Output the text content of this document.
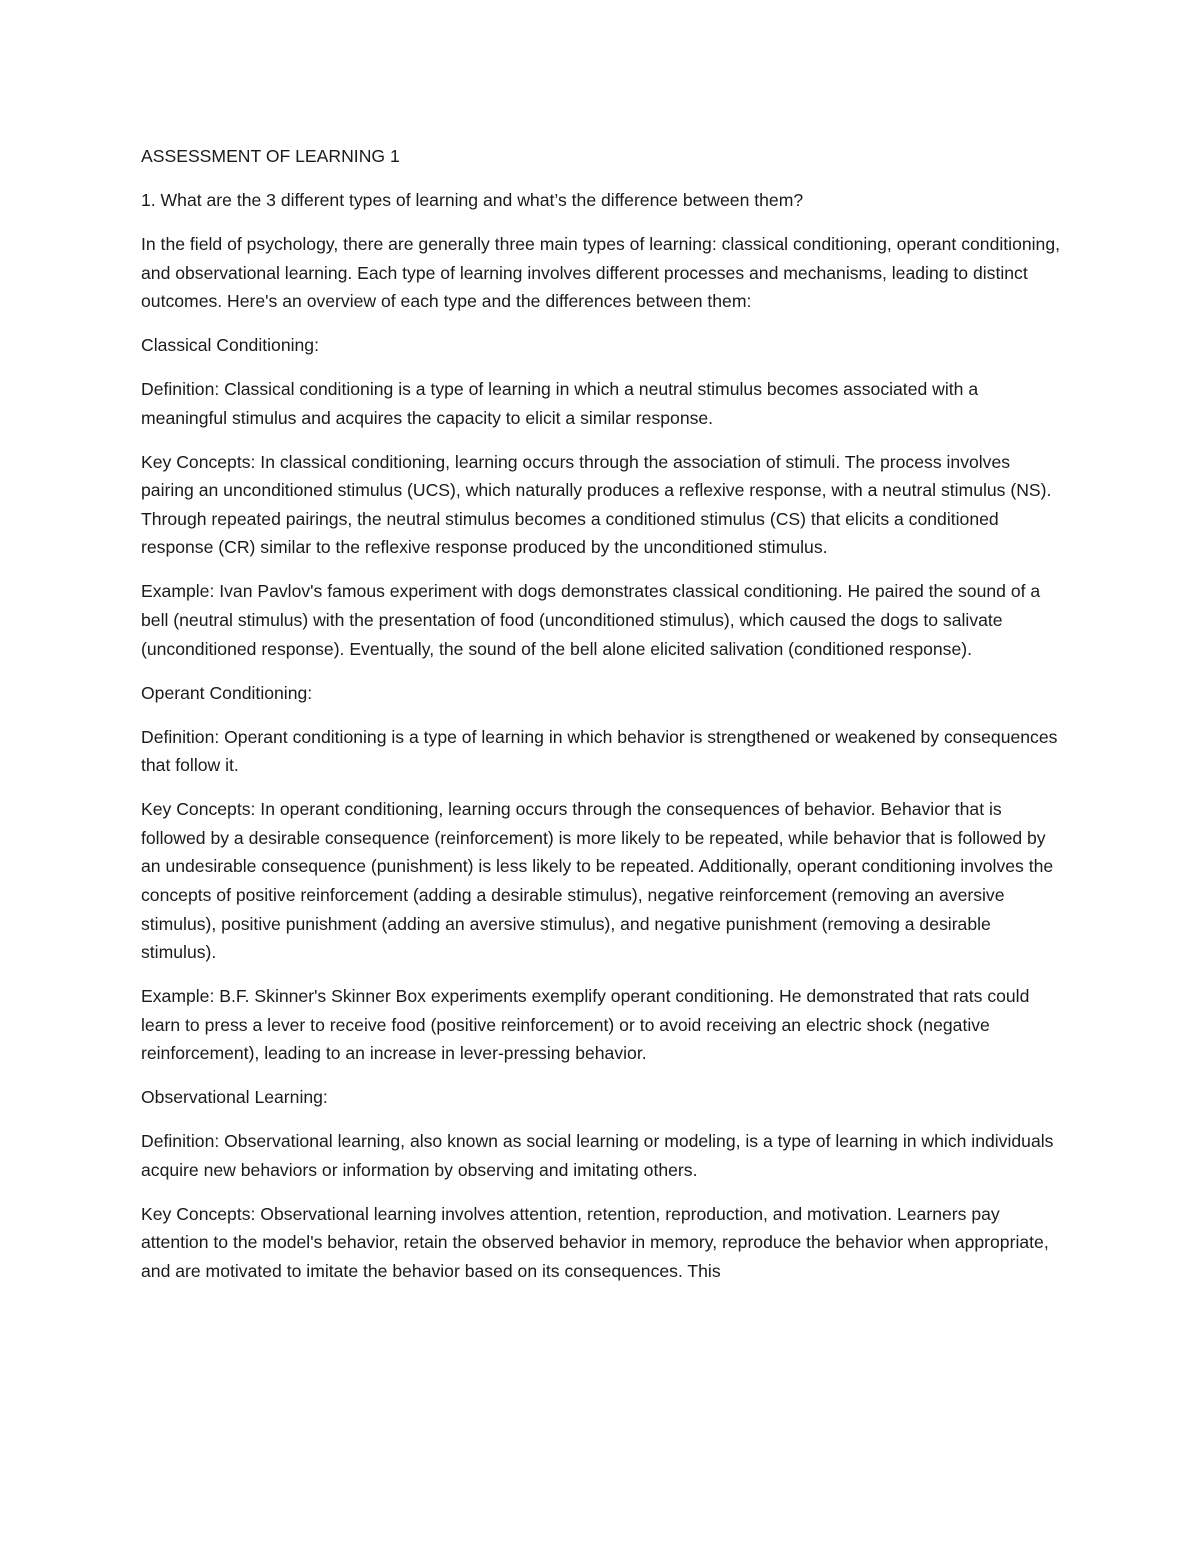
ASSESSMENT OF LEARNING 1

1. What are the 3 different types of learning and what’s the difference between them?

In the field of psychology, there are generally three main types of learning: classical conditioning, operant conditioning, and observational learning. Each type of learning involves different processes and mechanisms, leading to distinct outcomes. Here's an overview of each type and the differences between them:

Classical Conditioning:

Definition: Classical conditioning is a type of learning in which a neutral stimulus becomes associated with a meaningful stimulus and acquires the capacity to elicit a similar response.

Key Concepts: In classical conditioning, learning occurs through the association of stimuli. The process involves pairing an unconditioned stimulus (UCS), which naturally produces a reflexive response, with a neutral stimulus (NS). Through repeated pairings, the neutral stimulus becomes a conditioned stimulus (CS) that elicits a conditioned response (CR) similar to the reflexive response produced by the unconditioned stimulus.

Example: Ivan Pavlov's famous experiment with dogs demonstrates classical conditioning. He paired the sound of a bell (neutral stimulus) with the presentation of food (unconditioned stimulus), which caused the dogs to salivate (unconditioned response). Eventually, the sound of the bell alone elicited salivation (conditioned response).

Operant Conditioning:

Definition: Operant conditioning is a type of learning in which behavior is strengthened or weakened by consequences that follow it.

Key Concepts: In operant conditioning, learning occurs through the consequences of behavior. Behavior that is followed by a desirable consequence (reinforcement) is more likely to be repeated, while behavior that is followed by an undesirable consequence (punishment) is less likely to be repeated. Additionally, operant conditioning involves the concepts of positive reinforcement (adding a desirable stimulus), negative reinforcement (removing an aversive stimulus), positive punishment (adding an aversive stimulus), and negative punishment (removing a desirable stimulus).

Example: B.F. Skinner's Skinner Box experiments exemplify operant conditioning. He demonstrated that rats could learn to press a lever to receive food (positive reinforcement) or to avoid receiving an electric shock (negative reinforcement), leading to an increase in lever-pressing behavior.

Observational Learning:

Definition: Observational learning, also known as social learning or modeling, is a type of learning in which individuals acquire new behaviors or information by observing and imitating others.

Key Concepts: Observational learning involves attention, retention, reproduction, and motivation. Learners pay attention to the model's behavior, retain the observed behavior in memory, reproduce the behavior when appropriate, and are motivated to imitate the behavior based on its consequences. This
